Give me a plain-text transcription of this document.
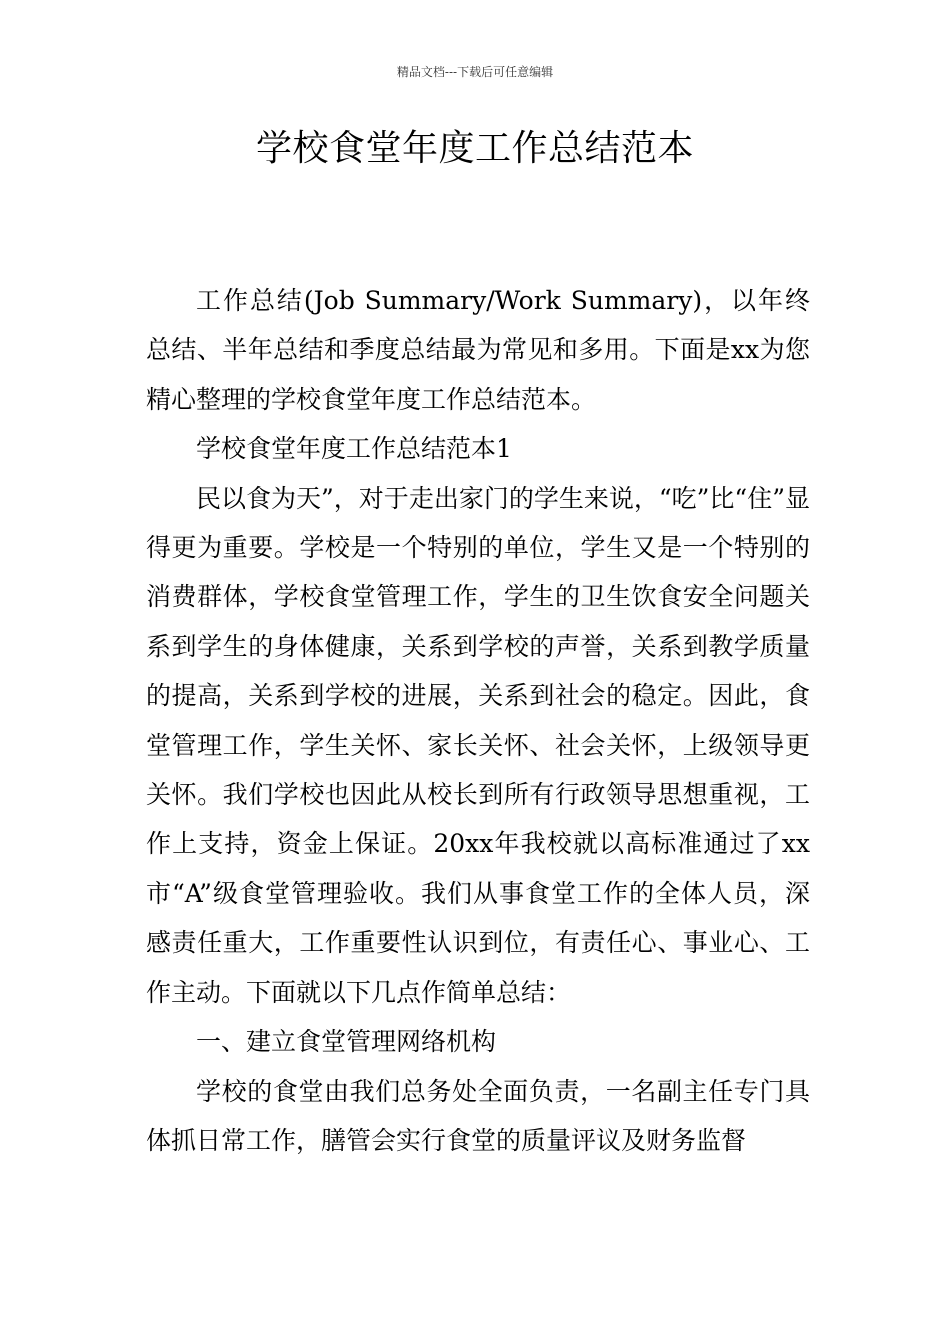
精品文档---下载后可任意编辑
学校食堂年度工作总结范本

工作总结(Job Summary/Work Summary)，以年终总结、半年总结和季度总结最为常见和多用。下面是xx为您精心整理的学校食堂年度工作总结范本。

学校食堂年度工作总结范本1

民以食为天”，对于走出家门的学生来说，“吃”比“住”显得更为重要。学校是一个特别的单位，学生又是一个特别的消费群体，学校食堂管理工作，学生的卫生饮食安全问题关系到学生的身体健康，关系到学校的声誉，关系到教学质量的提高，关系到学校的进展，关系到社会的稳定。因此，食堂管理工作，学生关怀、家长关怀、社会关怀，上级领导更关怀。我们学校也因此从校长到所有行政领导思想重视，工作上支持，资金上保证。20xx年我校就以高标准通过了xx市“A”级食堂管理验收。我们从事食堂工作的全体人员，深感责任重大，工作重要性认识到位，有责任心、事业心、工作主动。下面就以下几点作简单总结：

一、建立食堂管理网络机构

学校的食堂由我们总务处全面负责，一名副主任专门具体抓日常工作，膳管会实行食堂的质量评议及财务监督
